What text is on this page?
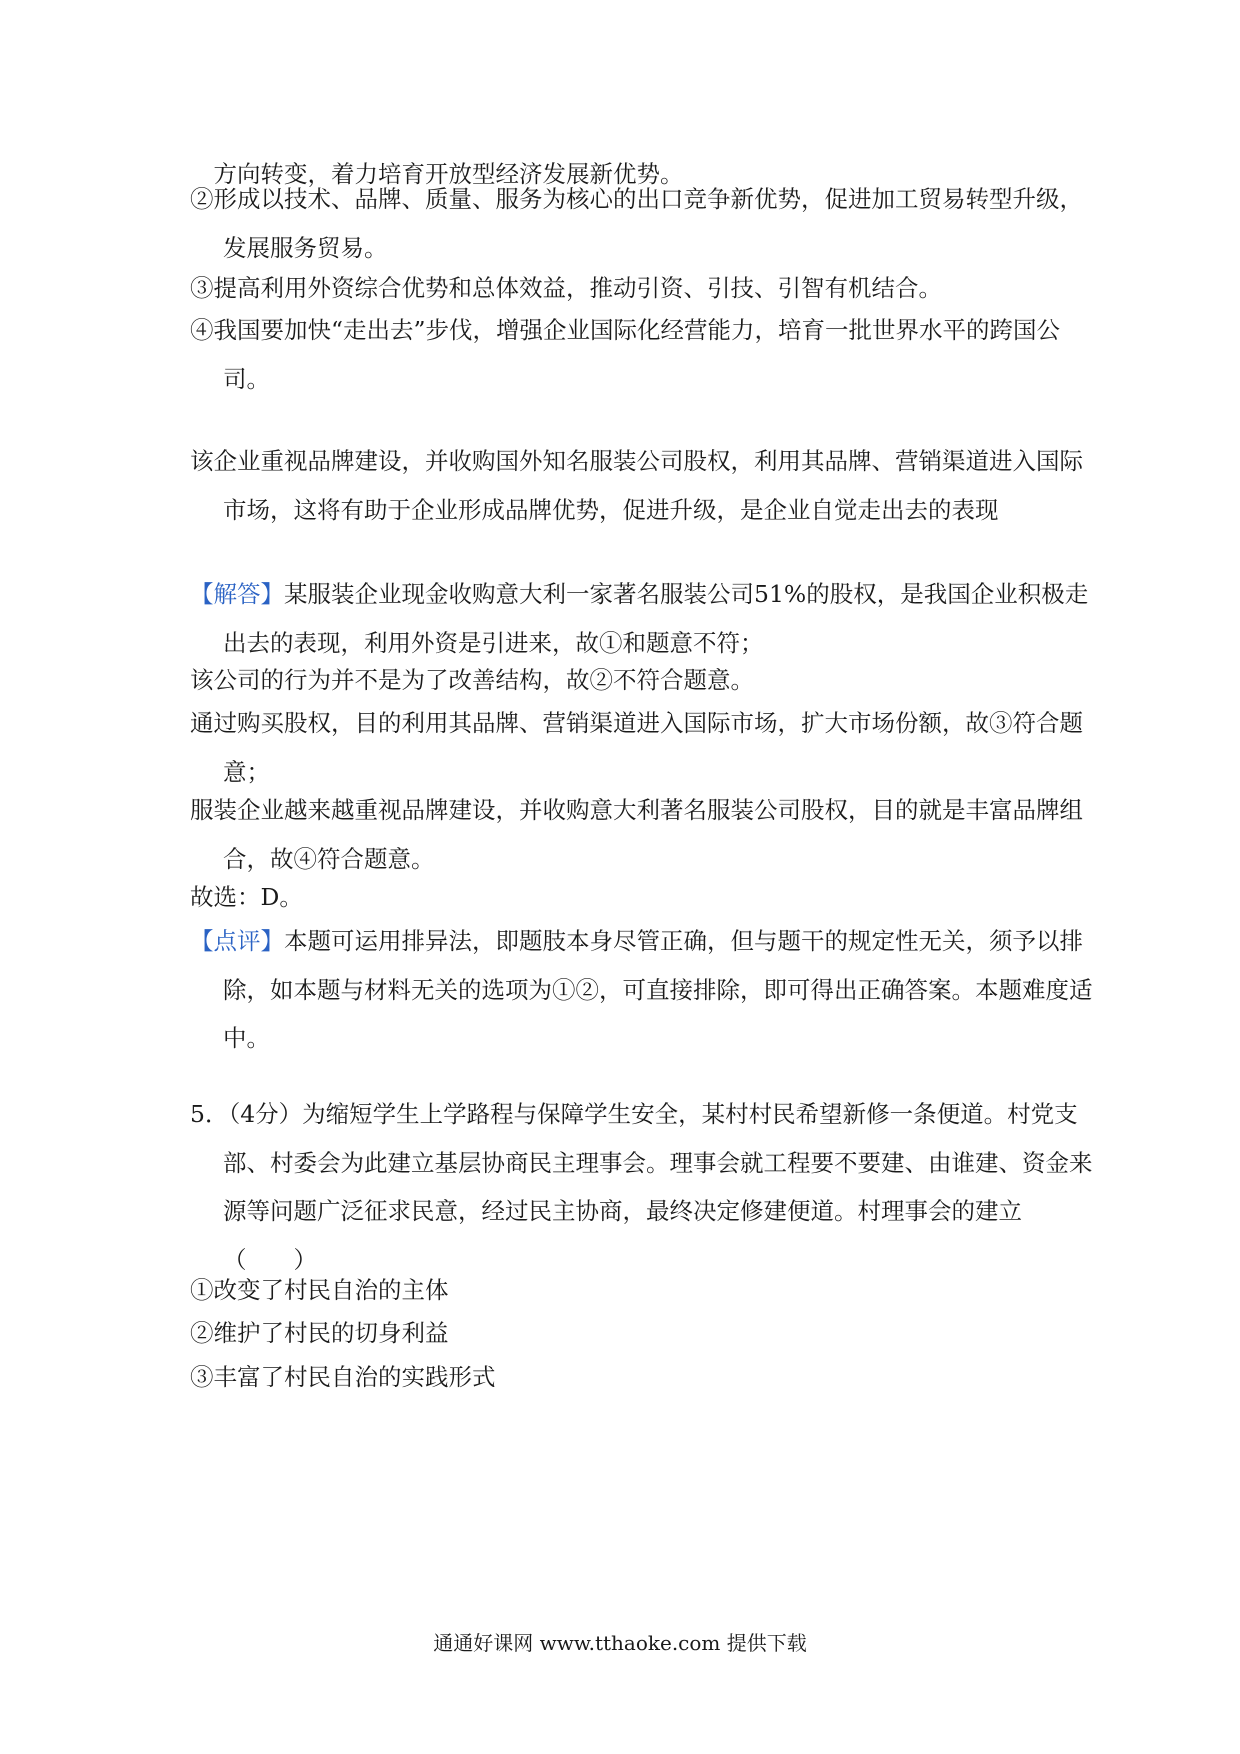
　方向转变，着力培育开放型经济发展新优势。
②形成以技术、品牌、质量、服务为核心的出口竞争新优势，促进加工贸易转型升级，发展服务贸易。
③提高利用外资综合优势和总体效益，推动引资、引技、引智有机结合。
④我国要加快“走出去”步伐，增强企业国际化经营能力，培育一批世界水平的跨国公司。
该企业重视品牌建设，并收购国外知名服装公司股权，利用其品牌、营销渠道进入国际市场，这将有助于企业形成品牌优势，促进升级，是企业自觉走出去的表现
【解答】某服装企业现金收购意大利一家著名服装公司51%的股权，是我国企业积极走出去的表现，利用外资是引进来，故①和题意不符；
该公司的行为并不是为了改善结构，故②不符合题意。
通过购买股权，目的利用其品牌、营销渠道进入国际市场，扩大市场份额，故③符合题意；
服装企业越来越重视品牌建设，并收购意大利著名服装公司股权，目的就是丰富品牌组合，故④符合题意。
故选：D。
【点评】本题可运用排异法，即题肢本身尽管正确，但与题干的规定性无关，须予以排除，如本题与材料无关的选项为①②，可直接排除，即可得出正确答案。本题难度适中。
5．（4分）为缩短学生上学路程与保障学生安全，某村村民希望新修一条便道。村党支部、村委会为此建立基层协商民主理事会。理事会就工程要不要建、由谁建、资金来源等问题广泛征求民意，经过民主协商，最终决定修建便道。村理事会的建立（　　）
①改变了村民自治的主体
②维护了村民的切身利益
③丰富了村民自治的实践形式
通通好课网 www.tthaoke.com 提供下载
